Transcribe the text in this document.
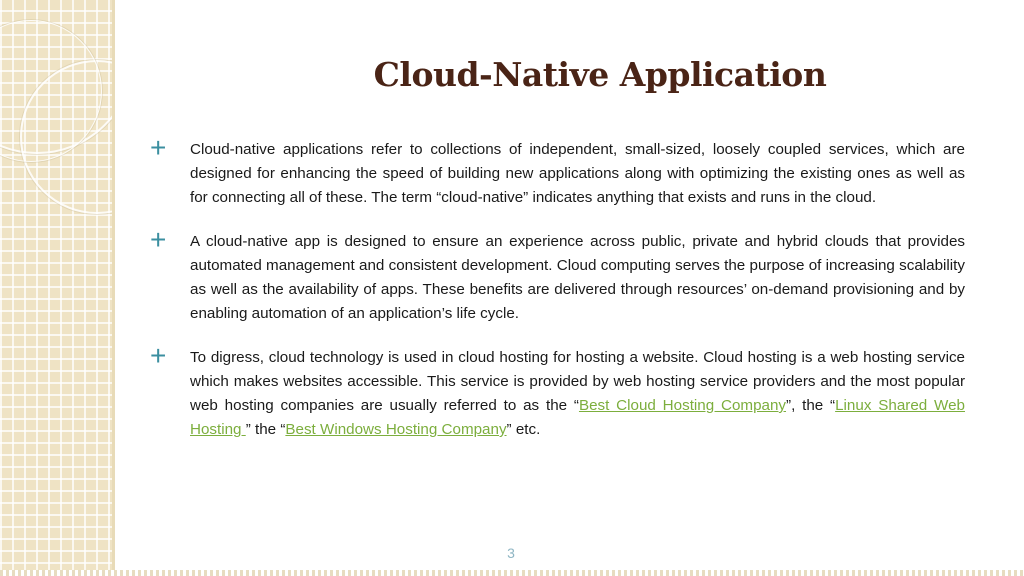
Cloud-Native Application
+ Cloud-native applications refer to collections of independent, small-sized, loosely coupled services, which are designed for enhancing the speed of building new applications along with optimizing the existing ones as well as for connecting all of these. The term “cloud-native” indicates anything that exists and runs in the cloud.

+ A cloud-native app is designed to ensure an experience across public, private and hybrid clouds that provides automated management and consistent development. Cloud computing serves the purpose of increasing scalability as well as the availability of apps. These benefits are delivered through resources’ on-demand provisioning and by enabling automation of an application’s life cycle.

+ To digress, cloud technology is used in cloud hosting for hosting a website. Cloud hosting is a web hosting service which makes websites accessible. This service is provided by web hosting service providers and the most popular web hosting companies are usually referred to as the “Best Cloud Hosting Company”, the “Linux Shared Web Hosting ” the “Best Windows Hosting Company” etc.

3
